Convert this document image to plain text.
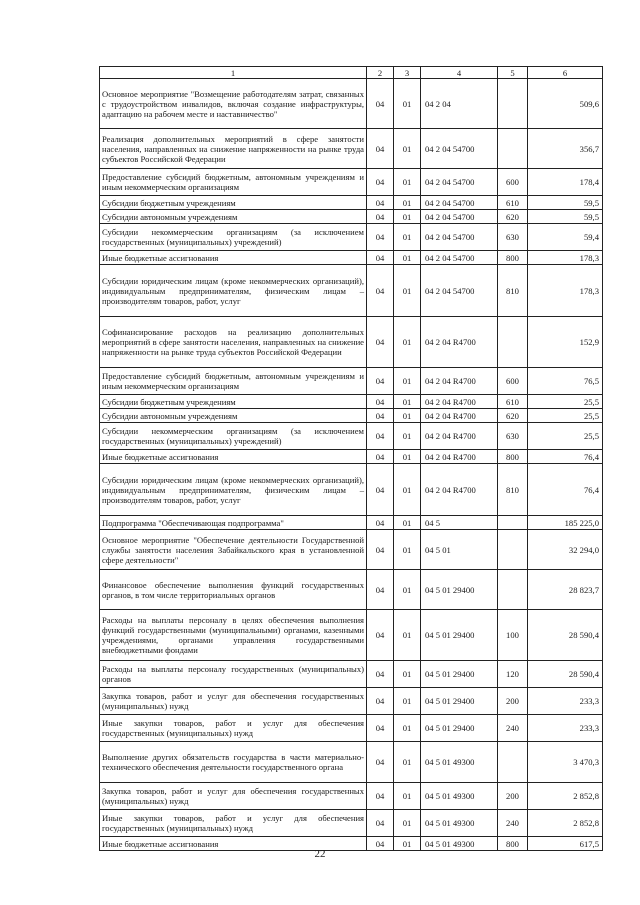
1	2	3	4	5	6
Основное мероприятие "Возмещение работодателям затрат, связанных с трудоустройством инвалидов, включая создание инфраструктуры, адаптацию на рабочем месте и наставничество"	04	01	04 2 04		509,6
Реализация дополнительных мероприятий в сфере занятости населения, направленных на снижение напряженности на рынке труда субъектов Российской Федерации	04	01	04 2 04 54700		356,7
Предоставление субсидий бюджетным, автономным учреждениям и иным некоммерческим организациям	04	01	04 2 04 54700	600	178,4
Субсидии бюджетным учреждениям	04	01	04 2 04 54700	610	59,5
Субсидии автономным учреждениям	04	01	04 2 04 54700	620	59,5
Субсидии некоммерческим организациям (за исключением государственных (муниципальных) учреждений)	04	01	04 2 04 54700	630	59,4
Иные бюджетные ассигнования	04	01	04 2 04 54700	800	178,3
Субсидии юридическим лицам (кроме некоммерческих организаций), индивидуальным предпринимателям, физическим лицам – производителям товаров, работ, услуг	04	01	04 2 04 54700	810	178,3
Софинансирование расходов на реализацию дополнительных мероприятий в сфере занятости населения, направленных на снижение напряженности на рынке труда субъектов Российской Федерации	04	01	04 2 04 R4700		152,9
Предоставление субсидий бюджетным, автономным учреждениям и иным некоммерческим организациям	04	01	04 2 04 R4700	600	76,5
Субсидии бюджетным учреждениям	04	01	04 2 04 R4700	610	25,5
Субсидии автономным учреждениям	04	01	04 2 04 R4700	620	25,5
Субсидии некоммерческим организациям (за исключением государственных (муниципальных) учреждений)	04	01	04 2 04 R4700	630	25,5
Иные бюджетные ассигнования	04	01	04 2 04 R4700	800	76,4
Субсидии юридическим лицам (кроме некоммерческих организаций), индивидуальным предпринимателям, физическим лицам – производителям товаров, работ, услуг	04	01	04 2 04 R4700	810	76,4
Подпрограмма "Обеспечивающая подпрограмма"	04	01	04 5		185 225,0
Основное мероприятие "Обеспечение деятельности Государственной службы занятости населения Забайкальского края в установленной сфере деятельности"	04	01	04 5 01		32 294,0
Финансовое обеспечение выполнения функций государственных органов, в том числе территориальных органов	04	01	04 5 01 29400		28 823,7
Расходы на выплаты персоналу в целях обеспечения выполнения функций государственными (муниципальными) органами, казенными учреждениями, органами управления государственными внебюджетными фондами	04	01	04 5 01 29400	100	28 590,4
Расходы на выплаты персоналу государственных (муниципальных) органов	04	01	04 5 01 29400	120	28 590,4
Закупка товаров, работ и услуг для обеспечения государственных (муниципальных) нужд	04	01	04 5 01 29400	200	233,3
Иные закупки товаров, работ и услуг для обеспечения государственных (муниципальных) нужд	04	01	04 5 01 29400	240	233,3
Выполнение других обязательств государства в части материально-технического обеспечения деятельности государственного органа	04	01	04 5 01 49300		3 470,3
Закупка товаров, работ и услуг для обеспечения государственных (муниципальных) нужд	04	01	04 5 01 49300	200	2 852,8
Иные закупки товаров, работ и услуг для обеспечения государственных (муниципальных) нужд	04	01	04 5 01 49300	240	2 852,8
Иные бюджетные ассигнования	04	01	04 5 01 49300	800	617,5
22
